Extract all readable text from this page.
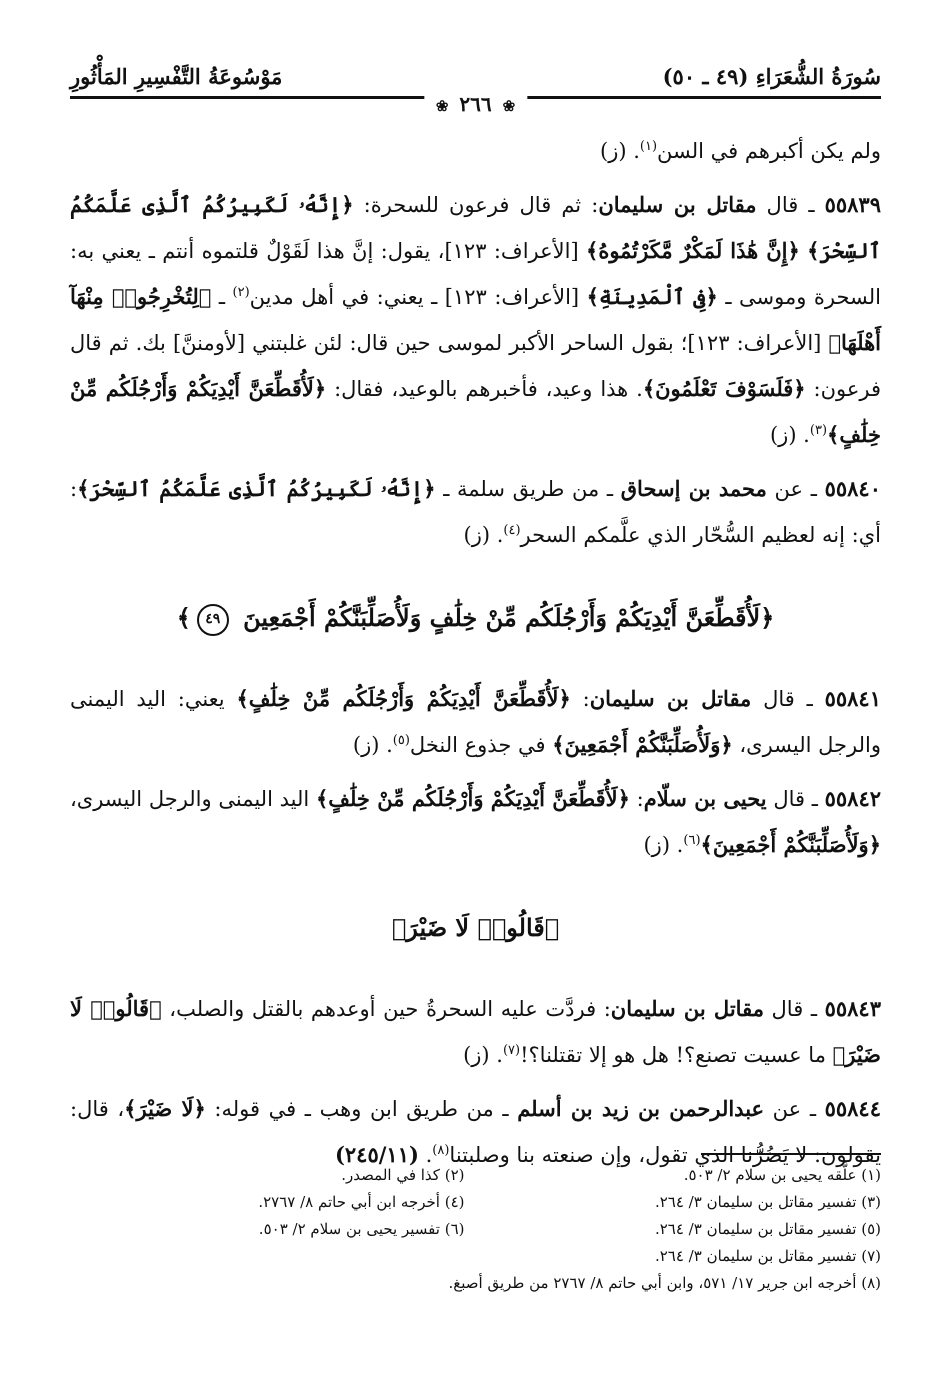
سُورَةُ الشُّعَرَاءِ (٤٩ ـ ٥٠)
مَوْسُوعَةُ التَّفْسِيرِ المَأْثُورِ
❀ ٢٦٦ ❀

ولم يكن أكبرهم في السن$^{(١)}$. (ز)

٥٥٨٣٩ ـ قال مقاتل بن سليمان: ثم قال فرعون للسحرة: ﴿إِنَّهُۥ لَكَبِيرُكُمُ ٱلَّذِى عَلَّمَكُمُ ٱلسِّحْرَ﴾ ﴿إِنَّ هَٰذَا لَمَكْرٌ مَّكَرْتُمُوهُ﴾ [الأعراف: ١٢٣]، يقول: إنَّ هذا لَقَوْلٌ قلتموه أنتم ـ يعني به: السحرة وموسى ـ ﴿فِى ٱلْمَدِينَةِ﴾ [الأعراف: ١٢٣] ـ يعني: في أهل مدين$^{(٢)}$ ـ ﴿لِتُخْرِجُوا۟ مِنْهَآ أَهْلَهَا﴾ [الأعراف: ١٢٣]؛ بقول الساحر الأكبر لموسى حين قال: لئن غلبتني [لأومننَّ] بك. ثم قال فرعون: ﴿فَلَسَوْفَ تَعْلَمُونَ﴾. هذا وعيد، فأخبرهم بالوعيد، فقال: ﴿لَأُقَطِّعَنَّ أَيْدِيَكُمْ وَأَرْجُلَكُم مِّنْ خِلَٰفٍ﴾$^{(٣)}$. (ز)

٥٥٨٤٠ ـ عن محمد بن إسحاق ـ من طريق سلمة ـ ﴿إِنَّهُۥ لَكَبِيرُكُمُ ٱلَّذِى عَلَّمَكُمُ ٱلسِّحْرَ﴾: أي: إنه لعظيم السُّحّار الذي علَّمكم السحر$^{(٤)}$. (ز)

﴿لَأُقَطِّعَنَّ أَيْدِيَكُمْ وَأَرْجُلَكُم مِّنْ خِلَٰفٍ وَلَأُصَلِّبَنَّكُمْ أَجْمَعِينَ ٤٩﴾

٥٥٨٤١ ـ قال مقاتل بن سليمان: ﴿لَأُقَطِّعَنَّ أَيْدِيَكُمْ وَأَرْجُلَكُم مِّنْ خِلَٰفٍ﴾ يعني: اليد اليمنى والرجل اليسرى، ﴿وَلَأُصَلِّبَنَّكُمْ أَجْمَعِينَ﴾ في جذوع النخل$^{(٥)}$. (ز)

٥٥٨٤٢ ـ قال يحيى بن سلّام: ﴿لَأُقَطِّعَنَّ أَيْدِيَكُمْ وَأَرْجُلَكُم مِّنْ خِلَٰفٍ﴾ اليد اليمنى والرجل اليسرى، ﴿وَلَأُصَلِّبَنَّكُمْ أَجْمَعِينَ﴾$^{(٦)}$. (ز)

﴿قَالُوا۟ لَا ضَيْرَ﴾

٥٥٨٤٣ ـ قال مقاتل بن سليمان: فردَّت عليه السحرةُ حين أوعدهم بالقتل والصلب، ﴿قَالُوا۟ لَا ضَيْرَ﴾ ما عسيت تصنع؟! هل هو إلا تقتلنا؟!$^{(٧)}$. (ز)

٥٥٨٤٤ ـ عن عبدالرحمن بن زيد بن أسلم ـ من طريق ابن وهب ـ في قوله: ﴿لَا ضَيْرَ﴾، قال: يقولون: لا يَضُرُّنا الذي تقول، وإن صنعته بنا وصلبتنا$^{(٨)}$. (٢٤٥/١١)

(١) علَّقه يحيى بن سلام ٢/ ٥٠٣.
(٢) كذا في المصدر.
(٣) تفسير مقاتل بن سليمان ٣/ ٢٦٤.
(٤) أخرجه ابن أبي حاتم ٨/ ٢٧٦٧.
(٥) تفسير مقاتل بن سليمان ٣/ ٢٦٤.
(٦) تفسير يحيى بن سلام ٢/ ٥٠٣.
(٧) تفسير مقاتل بن سليمان ٣/ ٢٦٤.
(٨) أخرجه ابن جرير ١٧/ ٥٧١، وابن أبي حاتم ٨/ ٢٧٦٧ من طريق أصبغ.
